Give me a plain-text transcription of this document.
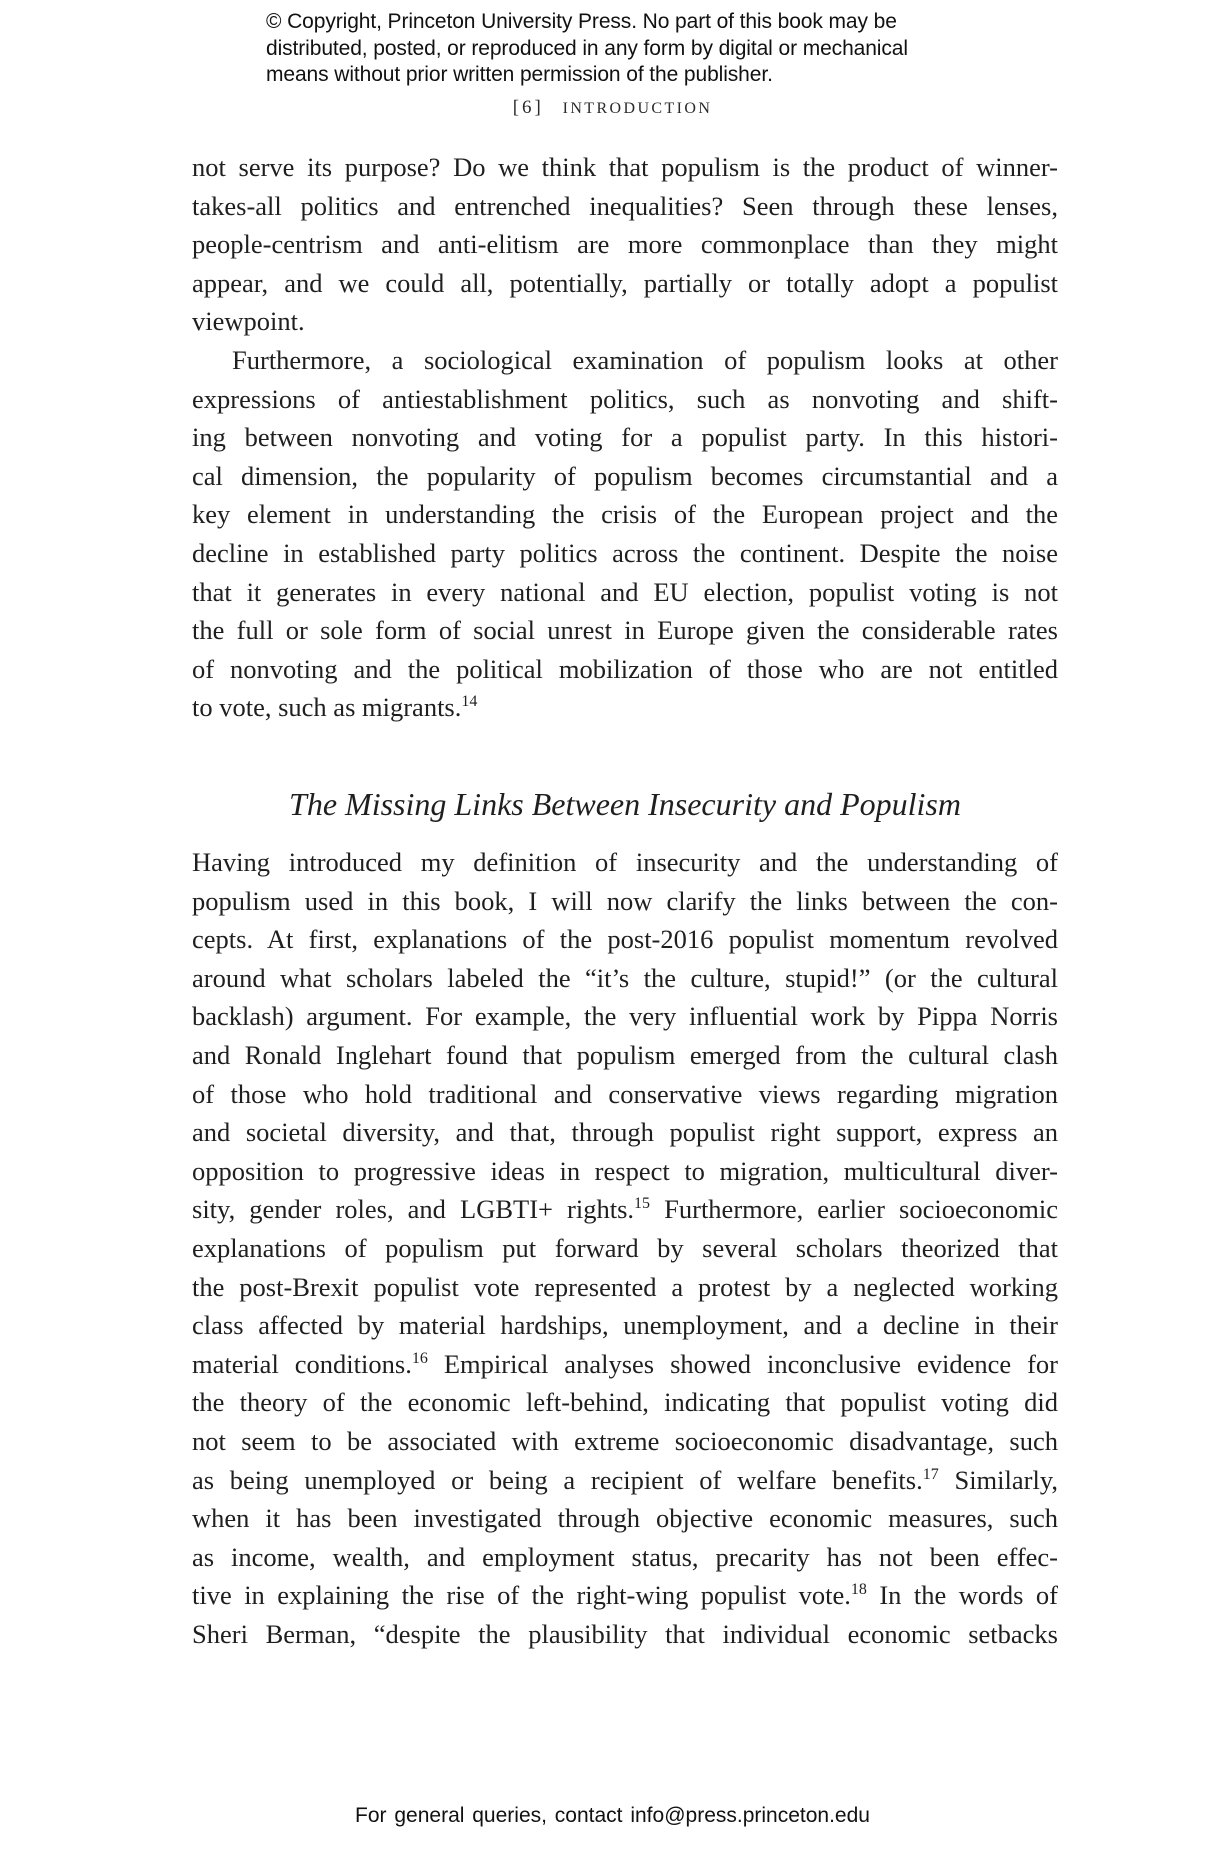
© Copyright, Princeton University Press. No part of this book may be
distributed, posted, or reproduced in any form by digital or mechanical
means without prior written permission of the publisher.
[6] INTRODUCTION
not serve its purpose? Do we think that populism is the product of winner-
takes-all politics and entrenched inequalities? Seen through these lenses,
people-centrism and anti-elitism are more commonplace than they might
appear, and we could all, potentially, partially or totally adopt a populist
viewpoint.
Furthermore, a sociological examination of populism looks at other
expressions of antiestablishment politics, such as nonvoting and shift-
ing between nonvoting and voting for a populist party. In this histori-
cal dimension, the popularity of populism becomes circumstantial and a
key element in understanding the crisis of the European project and the
decline in established party politics across the continent. Despite the noise
that it generates in every national and EU election, populist voting is not
the full or sole form of social unrest in Europe given the considerable rates
of nonvoting and the political mobilization of those who are not entitled
to vote, such as migrants.$^{14}$
The Missing Links Between Insecurity and Populism
Having introduced my definition of insecurity and the understanding of
populism used in this book, I will now clarify the links between the con-
cepts. At first, explanations of the post-2016 populist momentum revolved
around what scholars labeled the “it’s the culture, stupid!” (or the cultural
backlash) argument. For example, the very influential work by Pippa Norris
and Ronald Inglehart found that populism emerged from the cultural clash
of those who hold traditional and conservative views regarding migration
and societal diversity, and that, through populist right support, express an
opposition to progressive ideas in respect to migration, multicultural diver-
sity, gender roles, and LGBTI+ rights.$^{15}$ Furthermore, earlier socioeconomic
explanations of populism put forward by several scholars theorized that
the post-Brexit populist vote represented a protest by a neglected working
class affected by material hardships, unemployment, and a decline in their
material conditions.$^{16}$ Empirical analyses showed inconclusive evidence for
the theory of the economic left-behind, indicating that populist voting did
not seem to be associated with extreme socioeconomic disadvantage, such
as being unemployed or being a recipient of welfare benefits.$^{17}$ Similarly,
when it has been investigated through objective economic measures, such
as income, wealth, and employment status, precarity has not been effec-
tive in explaining the rise of the right-wing populist vote.$^{18}$ In the words of
Sheri Berman, “despite the plausibility that individual economic setbacks
For general queries, contact info@press.princeton.edu
